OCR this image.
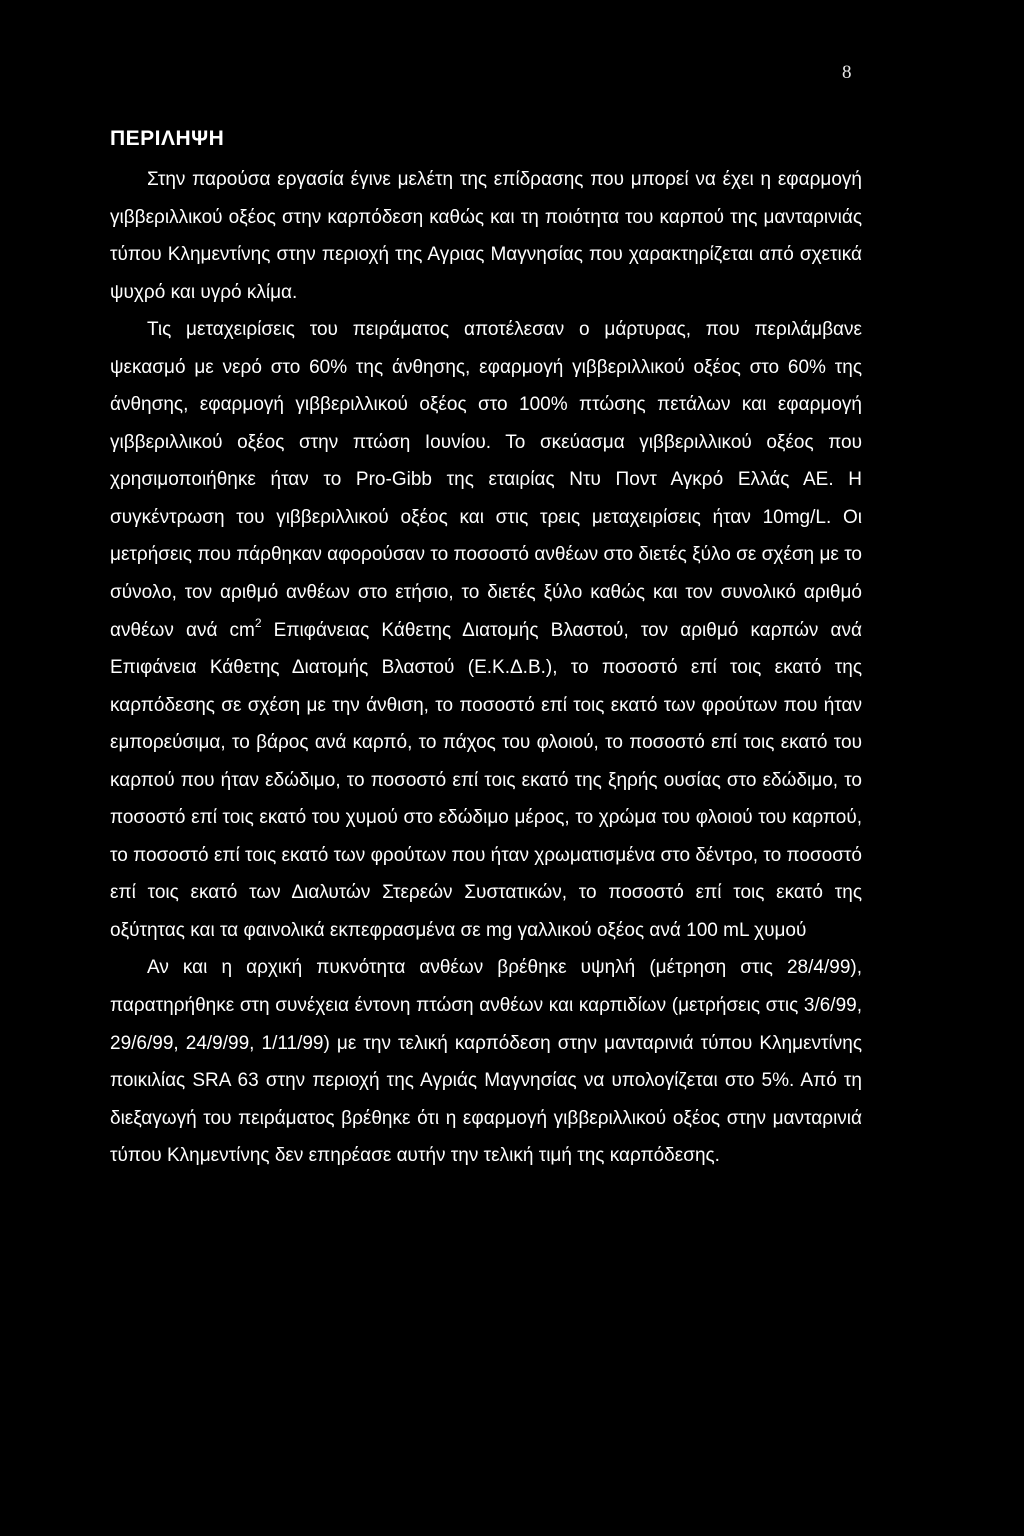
8
ΠΕΡΙΛΗΨΗ

Στην παρούσα εργασία έγινε μελέτη της επίδρασης που μπορεί να έχει η εφαρμογή γιββεριλλικού οξέος στην καρπόδεση καθώς και τη ποιότητα του καρπού της μανταρινιάς τύπου Κλημεντίνης στην περιοχή της Αγριας Μαγνησίας που χαρακτηρίζεται από σχετικά ψυχρό και υγρό κλίμα.

Τις μεταχειρίσεις του πειράματος αποτέλεσαν ο μάρτυρας, που περιλάμβανε ψεκασμό με νερό στο 60% της άνθησης, εφαρμογή γιββεριλλικού οξέος στο 60% της άνθησης, εφαρμογή γιββεριλλικού οξέος στο 100% πτώσης πετάλων και εφαρμογή γιββεριλλικού οξέος στην πτώση Ιουνίου. Το σκεύασμα γιββεριλλικού οξέος που χρησιμοποιήθηκε ήταν το Pro-Gibb της εταιρίας Ντυ Ποντ Αγκρό Ελλάς ΑΕ. Η συγκέντρωση του γιββεριλλικού οξέος και στις τρεις μεταχειρίσεις ήταν 10mg/L. Οι μετρήσεις που πάρθηκαν αφορούσαν το ποσοστό ανθέων στο διετές ξύλο σε σχέση με το σύνολο, τον αριθμό ανθέων στο ετήσιο, το διετές ξύλο καθώς και τον συνολικό αριθμό ανθέων ανά $cm^2$ Επιφάνειας Κάθετης Διατομής Βλαστού, τον αριθμό καρπών ανά Επιφάνεια Κάθετης Διατομής Βλαστού (Ε.Κ.Δ.Β.), το ποσοστό επί τοις εκατό της καρπόδεσης σε σχέση με την άνθιση, το ποσοστό επί τοις εκατό των φρούτων που ήταν εμπορεύσιμα, το βάρος ανά καρπό, το πάχος του φλοιού, το ποσοστό επί τοις εκατό του καρπού που ήταν εδώδιμο, το ποσοστό επί τοις εκατό της ξηρής ουσίας στο εδώδιμο, το ποσοστό επί τοις εκατό του χυμού στο εδώδιμο μέρος, το χρώμα του φλοιού του καρπού, το ποσοστό επί τοις εκατό των φρούτων που ήταν χρωματισμένα στο δέντρο, το ποσοστό επί τοις εκατό των Διαλυτών Στερεών Συστατικών, το ποσοστό επί τοις εκατό της οξύτητας και τα φαινολικά εκπεφρασμένα σε mg γαλλικού οξέος ανά 100 mL χυμού

Αν και η αρχική πυκνότητα ανθέων βρέθηκε υψηλή (μέτρηση στις 28/4/99), παρατηρήθηκε στη συνέχεια έντονη πτώση ανθέων και καρπιδίων (μετρήσεις στις 3/6/99, 29/6/99, 24/9/99, 1/11/99) με την τελική καρπόδεση στην μανταρινιά τύπου Κλημεντίνης ποικιλίας SRA 63 στην περιοχή της Αγριάς Μαγνησίας να υπολογίζεται στο 5%. Από τη διεξαγωγή του πειράματος βρέθηκε ότι η εφαρμογή γιββεριλλικού οξέος στην μανταρινιά τύπου Κλημεντίνης δεν επηρέασε αυτήν την τελική τιμή της καρπόδεσης.
